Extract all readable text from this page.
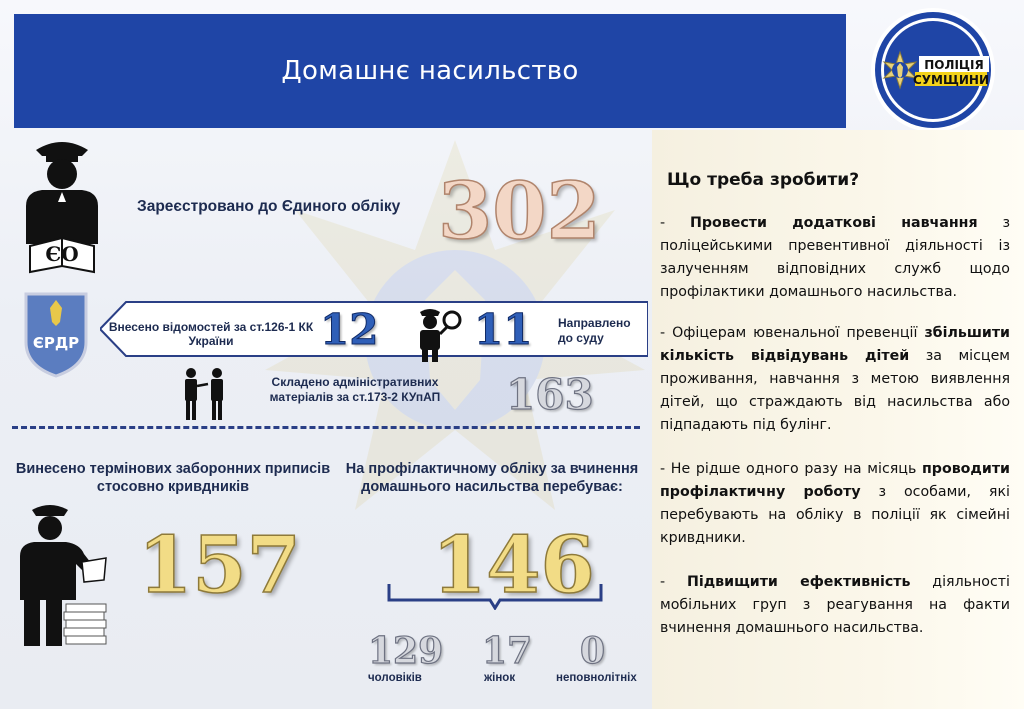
Домашнє насильство	ПОЛІЦІЯ
СУМЩИНИ
Що треба зробити?
- Провести додаткові навчання з поліцейськими превентивної діяльності із залученням відповідних служб щодо профілактики домашнього насильства.
- Офіцерам ювенальної превенції збільшити кількість відвідувань дітей за місцем проживання, навчання з метою виявлення дітей, що страждають від насильства або підпадають під булінг.
- Не рідше одного разу на місяць проводити профілактичну роботу з особами, які перебувають на обліку в поліції як сімейні кривдники.
- Підвищити ефективність діяльності мобільних груп з реагування на факти вчинення домашнього насильства.
ЄО
Зареєстровано до Єдиного обліку 302
ЄРДР
Внесено відомостей за ст.126-1 КК України	12 11 Направлено до суду
Складено адміністративних матеріалів за ст.173-2 КУпАП	163
Винесено термінових заборонних приписів стосовно кривдників
157
На профілактичному обліку за вчинення домашнього насильства перебуває:
146
129
чоловіків
17
жінок
0
неповнолітніх
